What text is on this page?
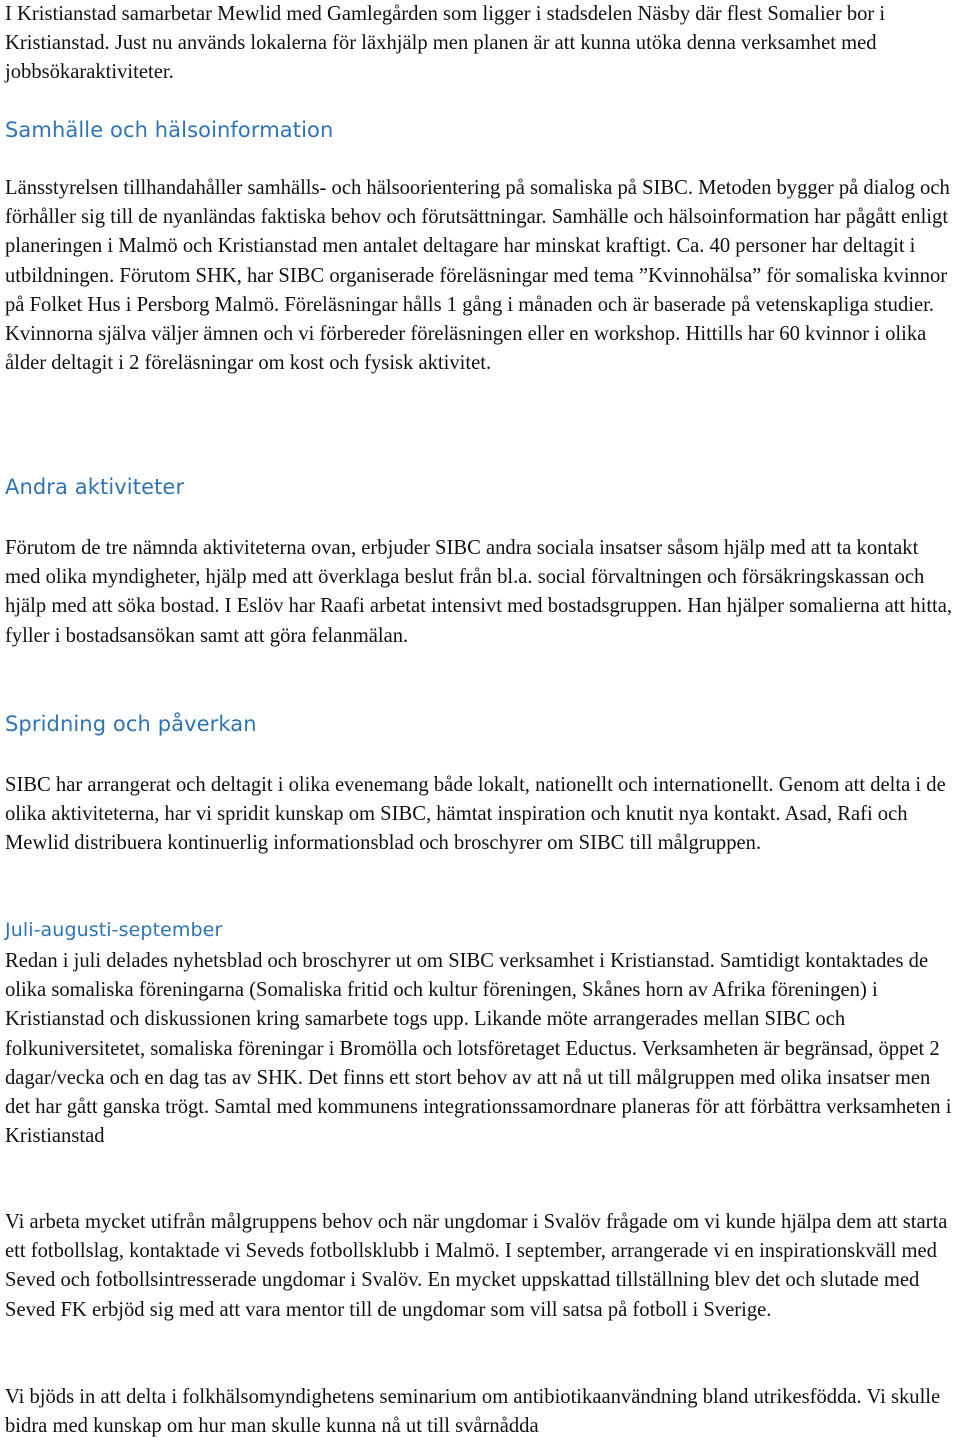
I Kristianstad samarbetar Mewlid med Gamlegården som ligger i stadsdelen Näsby där flest Somalier bor i Kristianstad. Just nu används lokalerna för läxhjälp men planen är att kunna utöka denna verksamhet med jobbsökaraktiviteter.

Samhälle och hälsoinformation

Länsstyrelsen tillhandahåller samhälls- och hälsoorientering på somaliska på SIBC. Metoden bygger på dialog och förhåller sig till de nyanländas faktiska behov och förutsättningar. Samhälle och hälsoinformation har pågått enligt planeringen i Malmö och Kristianstad men antalet deltagare har minskat kraftigt. Ca. 40 personer har deltagit i utbildningen. Förutom SHK, har SIBC organiserade föreläsningar med tema ”Kvinnohälsa” för somaliska kvinnor på Folket Hus i Persborg Malmö. Föreläsningar hålls 1 gång i månaden och är baserade på vetenskapliga studier. Kvinnorna själva väljer ämnen och vi förbereder föreläsningen eller en workshop. Hittills har 60 kvinnor i olika ålder deltagit i 2 föreläsningar om kost och fysisk aktivitet.

Andra aktiviteter

Förutom de tre nämnda aktiviteterna ovan, erbjuder SIBC andra sociala insatser såsom hjälp med att ta kontakt med olika myndigheter, hjälp med att överklaga beslut från bl.a. social förvaltningen och försäkringskassan och hjälp med att söka bostad. I Eslöv har Raafi arbetat intensivt med bostadsgruppen. Han hjälper somalierna att hitta, fyller i bostadsansökan samt att göra felanmälan.

Spridning och påverkan

SIBC har arrangerat och deltagit i olika evenemang både lokalt, nationellt och internationellt. Genom att delta i de olika aktiviteterna, har vi spridit kunskap om SIBC, hämtat inspiration och knutit nya kontakt. Asad, Rafi och Mewlid distribuera kontinuerlig informationsblad och broschyrer om SIBC till målgruppen.

Juli-augusti-september

Redan i juli delades nyhetsblad och broschyrer ut om SIBC verksamhet i Kristianstad. Samtidigt kontaktades de olika somaliska föreningarna (Somaliska fritid och kultur föreningen, Skånes horn av Afrika föreningen) i Kristianstad och diskussionen kring samarbete togs upp. Likande möte arrangerades mellan SIBC och folkuniversitetet, somaliska föreningar i Bromölla och lotsföretaget Eductus. Verksamheten är begränsad, öppet 2 dagar/vecka och en dag tas av SHK. Det finns ett stort behov av att nå ut till målgruppen med olika insatser men det har gått ganska trögt. Samtal med kommunens integrationssamordnare planeras för att förbättra verksamheten i Kristianstad

Vi arbeta mycket utifrån målgruppens behov och när ungdomar i Svalöv frågade om vi kunde hjälpa dem att starta ett fotbollslag, kontaktade vi Seveds fotbollsklubb i Malmö. I september, arrangerade vi en inspirationskväll med Seved och fotbollsintresserade ungdomar i Svalöv. En mycket uppskattad tillställning blev det och slutade med Seved FK erbjöd sig med att vara mentor till de ungdomar som vill satsa på fotboll i Sverige.

Vi bjöds in att delta i folkhälsomyndighetens seminarium om antibiotikaanvändning bland utrikesfödda. Vi skulle bidra med kunskap om hur man skulle kunna nå ut till svårnådda
